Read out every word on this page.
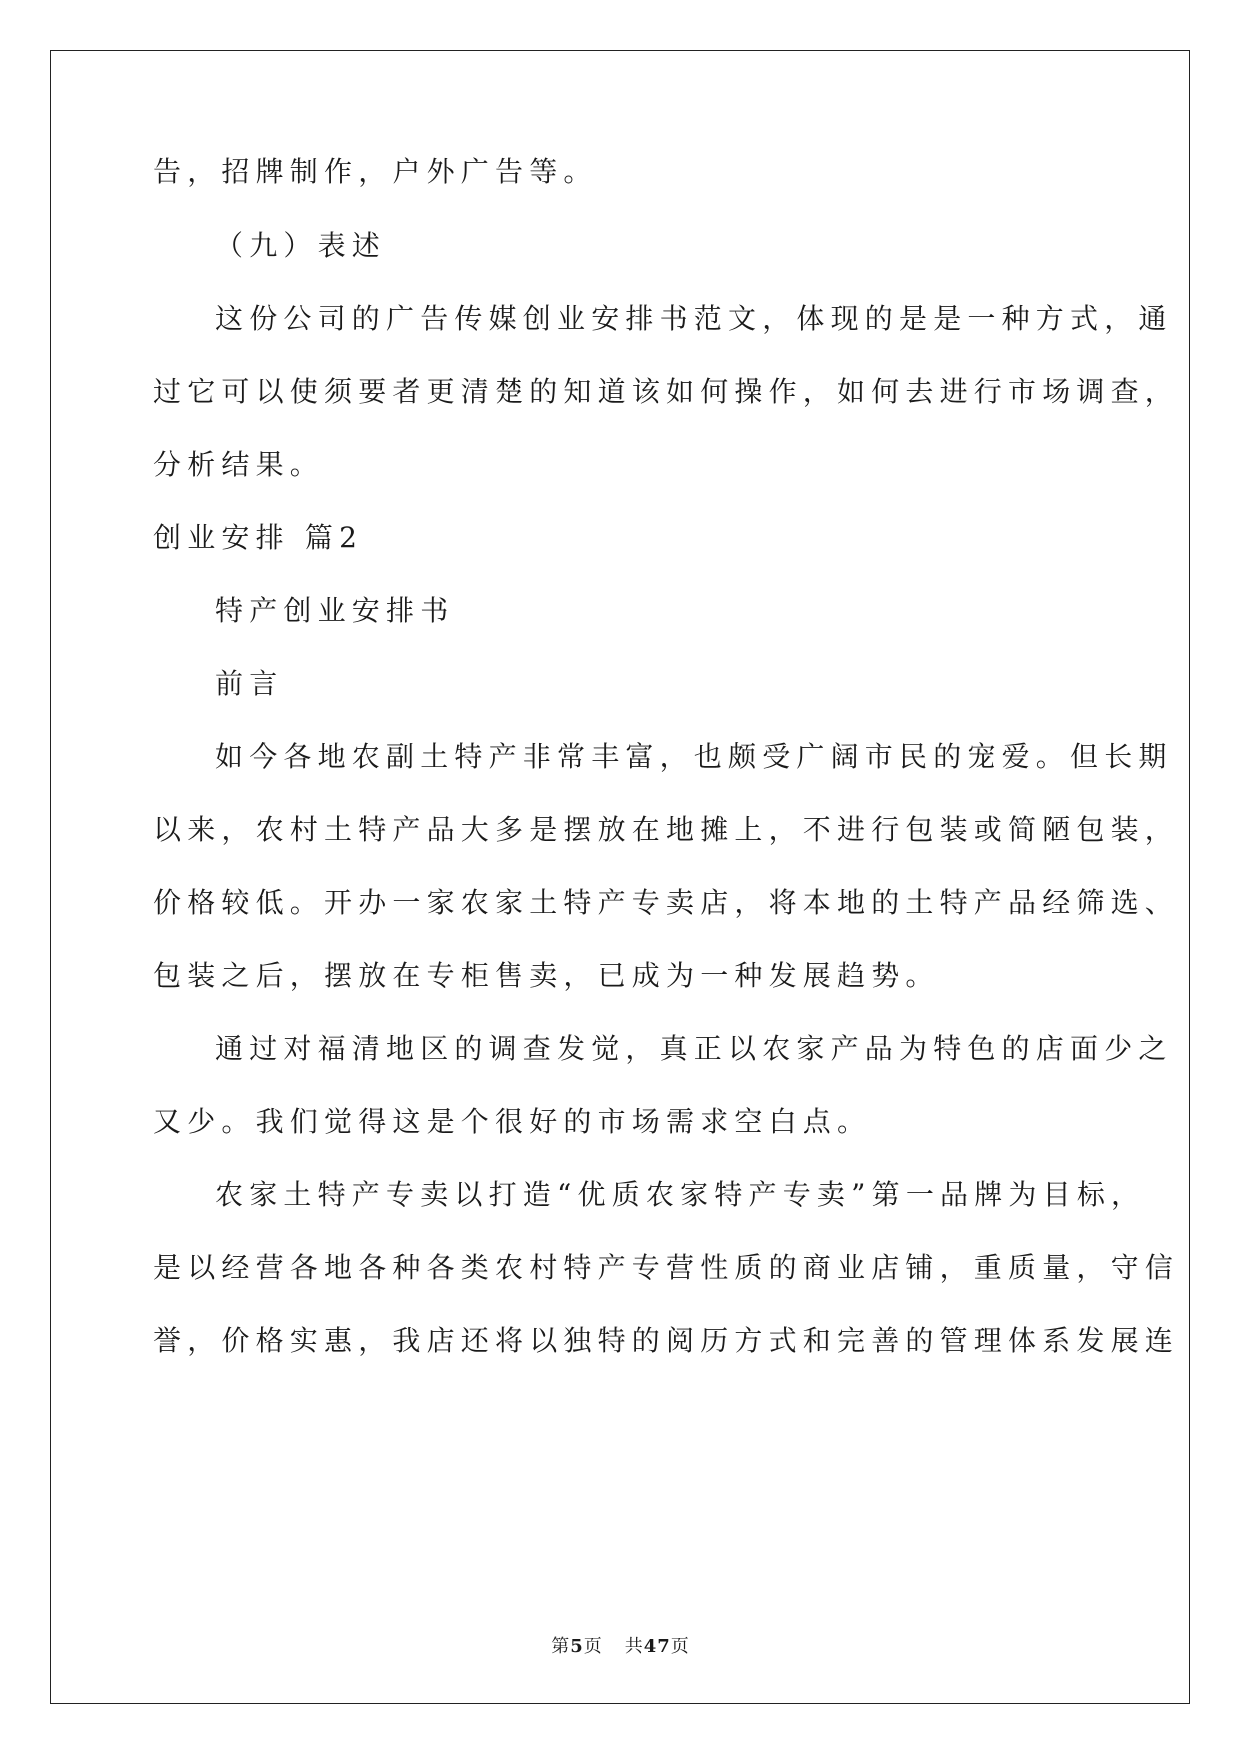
告，招牌制作，户外广告等。
（九）表述
这份公司的广告传媒创业安排书范文，体现的是是一种方式，通
过它可以使须要者更清楚的知道该如何操作，如何去进行市场调查，
分析结果。
创业安排 篇2
特产创业安排书
前言
如今各地农副土特产非常丰富，也颇受广阔市民的宠爱。但长期
以来，农村土特产品大多是摆放在地摊上，不进行包装或简陋包装，
价格较低。开办一家农家土特产专卖店，将本地的土特产品经筛选、
包装之后，摆放在专柜售卖，已成为一种发展趋势。
通过对福清地区的调查发觉，真正以农家产品为特色的店面少之
又少。我们觉得这是个很好的市场需求空白点。
农家土特产专卖以打造“优质农家特产专卖”第一品牌为目标，
是以经营各地各种各类农村特产专营性质的商业店铺，重质量，守信
誉，价格实惠，我店还将以独特的阅历方式和完善的管理体系发展连
第5页 共47页
